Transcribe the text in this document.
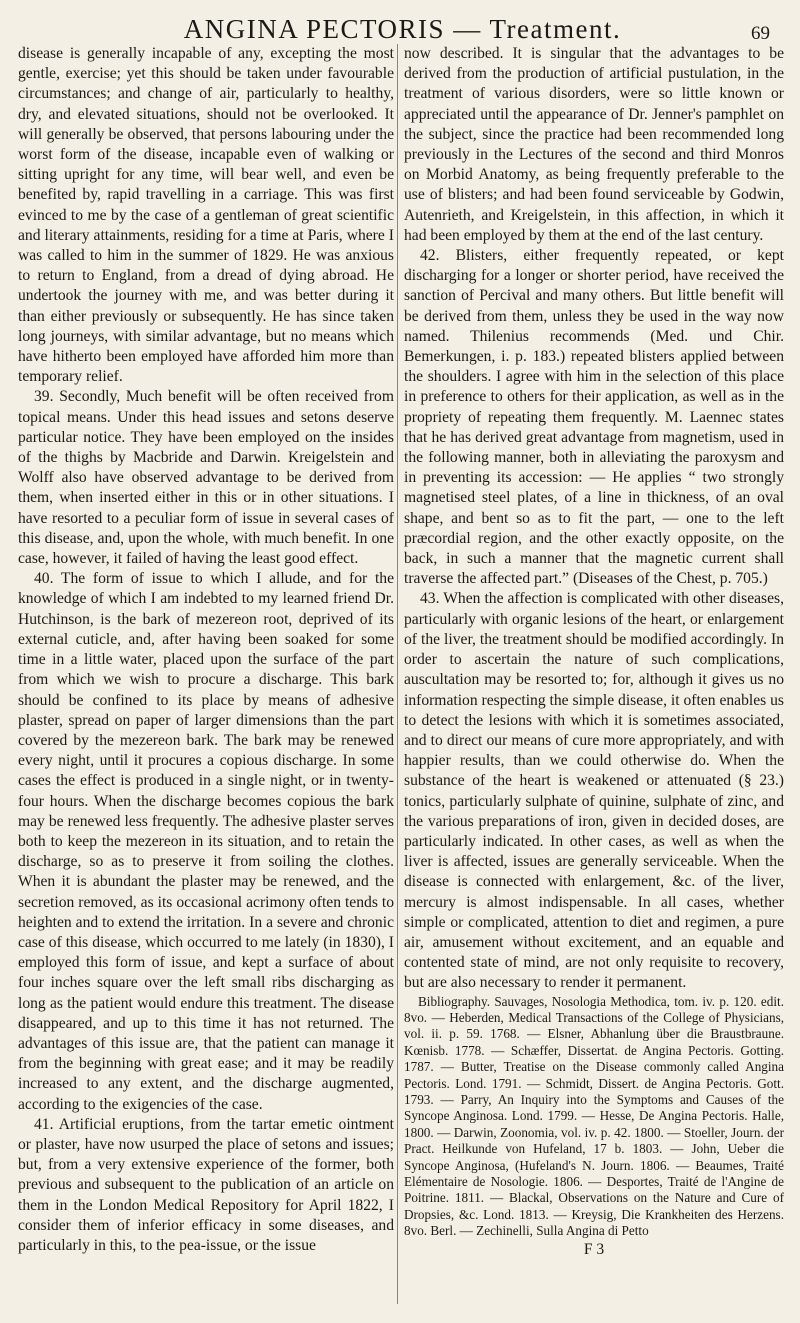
ANGINA PECTORIS — Treatment.	69

disease is generally incapable of any, excepting the most gentle, exercise; yet this should be taken under favourable circumstances; and change of air, particularly to healthy, dry, and elevated situations, should not be overlooked. It will generally be observed, that persons labouring under the worst form of the disease, incapable even of walking or sitting upright for any time, will bear well, and even be benefited by, rapid travelling in a carriage. This was first evinced to me by the case of a gentleman of great scientific and literary attainments, residing for a time at Paris, where I was called to him in the summer of 1829. He was anxious to return to England, from a dread of dying abroad. He undertook the journey with me, and was better during it than either previously or subsequently. He has since taken long journeys, with similar advantage, but no means which have hitherto been employed have afforded him more than temporary relief.

39. Secondly, Much benefit will be often received from topical means. Under this head issues and setons deserve particular notice. They have been employed on the insides of the thighs by Macbride and Darwin. Kreigelstein and Wolff also have observed advantage to be derived from them, when inserted either in this or in other situations. I have resorted to a peculiar form of issue in several cases of this disease, and, upon the whole, with much benefit. In one case, however, it failed of having the least good effect.

40. The form of issue to which I allude, and for the knowledge of which I am indebted to my learned friend Dr. Hutchinson, is the bark of mezereon root, deprived of its external cuticle, and, after having been soaked for some time in a little water, placed upon the surface of the part from which we wish to procure a discharge. This bark should be confined to its place by means of adhesive plaster, spread on paper of larger dimensions than the part covered by the mezereon bark. The bark may be renewed every night, until it procures a copious discharge. In some cases the effect is produced in a single night, or in twenty-four hours. When the discharge becomes copious the bark may be renewed less frequently. The adhesive plaster serves both to keep the mezereon in its situation, and to retain the discharge, so as to preserve it from soiling the clothes. When it is abundant the plaster may be renewed, and the secretion removed, as its occasional acrimony often tends to heighten and to extend the irritation. In a severe and chronic case of this disease, which occurred to me lately (in 1830), I employed this form of issue, and kept a surface of about four inches square over the left small ribs discharging as long as the patient would endure this treatment. The disease disappeared, and up to this time it has not returned. The advantages of this issue are, that the patient can manage it from the beginning with great ease; and it may be readily increased to any extent, and the discharge augmented, according to the exigencies of the case.

41. Artificial eruptions, from the tartar emetic ointment or plaster, have now usurped the place of setons and issues; but, from a very extensive experience of the former, both previous and subsequent to the publication of an article on them in the London Medical Repository for April 1822, I consider them of inferior efficacy in some diseases, and particularly in this, to the pea-issue, or the issue

now described. It is singular that the advantages to be derived from the production of artificial pustulation, in the treatment of various disorders, were so little known or appreciated until the appearance of Dr. Jenner's pamphlet on the subject, since the practice had been recommended long previously in the Lectures of the second and third Monros on Morbid Anatomy, as being frequently preferable to the use of blisters; and had been found serviceable by Godwin, Autenrieth, and Kreigelstein, in this affection, in which it had been employed by them at the end of the last century.

42. Blisters, either frequently repeated, or kept discharging for a longer or shorter period, have received the sanction of Percival and many others. But little benefit will be derived from them, unless they be used in the way now named. Thilenius recommends (Med. und Chir. Bemerkungen, i. p. 183.) repeated blisters applied between the shoulders. I agree with him in the selection of this place in preference to others for their application, as well as in the propriety of repeating them frequently. M. Laennec states that he has derived great advantage from magnetism, used in the following manner, both in alleviating the paroxysm and in preventing its accession: — He applies “ two strongly magnetised steel plates, of a line in thickness, of an oval shape, and bent so as to fit the part, — one to the left præcordial region, and the other exactly opposite, on the back, in such a manner that the magnetic current shall traverse the affected part.” (Diseases of the Chest, p. 705.)

43. When the affection is complicated with other diseases, particularly with organic lesions of the heart, or enlargement of the liver, the treatment should be modified accordingly. In order to ascertain the nature of such complications, auscultation may be resorted to; for, although it gives us no information respecting the simple disease, it often enables us to detect the lesions with which it is sometimes associated, and to direct our means of cure more appropriately, and with happier results, than we could otherwise do. When the substance of the heart is weakened or attenuated (§ 23.) tonics, particularly sulphate of quinine, sulphate of zinc, and the various preparations of iron, given in decided doses, are particularly indicated. In other cases, as well as when the liver is affected, issues are generally serviceable. When the disease is connected with enlargement, &c. of the liver, mercury is almost indispensable. In all cases, whether simple or complicated, attention to diet and regimen, a pure air, amusement without excitement, and an equable and contented state of mind, are not only requisite to recovery, but are also necessary to render it permanent.

Bibliography. Sauvages, Nosologia Methodica, tom. iv. p. 120. edit. 8vo. — Heberden, Medical Transactions of the College of Physicians, vol. ii. p. 59. 1768. — Elsner, Abhanlung über die Braustbraune. Kœnisb. 1778. — Schæffer, Dissertat. de Angina Pectoris. Gotting. 1787. — Butter, Treatise on the Disease commonly called Angina Pectoris. Lond. 1791. — Schmidt, Dissert. de Angina Pectoris. Gott. 1793. — Parry, An Inquiry into the Symptoms and Causes of the Syncope Anginosa. Lond. 1799. — Hesse, De Angina Pectoris. Halle, 1800. — Darwin, Zoonomia, vol. iv. p. 42. 1800. — Stoeller, Journ. der Pract. Heilkunde von Hufeland, 17 b. 1803. — John, Ueber die Syncope Anginosa, (Hufeland's N. Journ. 1806. — Beaumes, Traité Elémentaire de Nosologie. 1806. — Desportes, Traité de l'Angine de Poitrine. 1811. — Blackal, Observations on the Nature and Cure of Dropsies, &c. Lond. 1813. — Kreysig, Die Krankheiten des Herzens. 8vo. Berl. — Zechinelli, Sulla Angina di Petto

F 3
